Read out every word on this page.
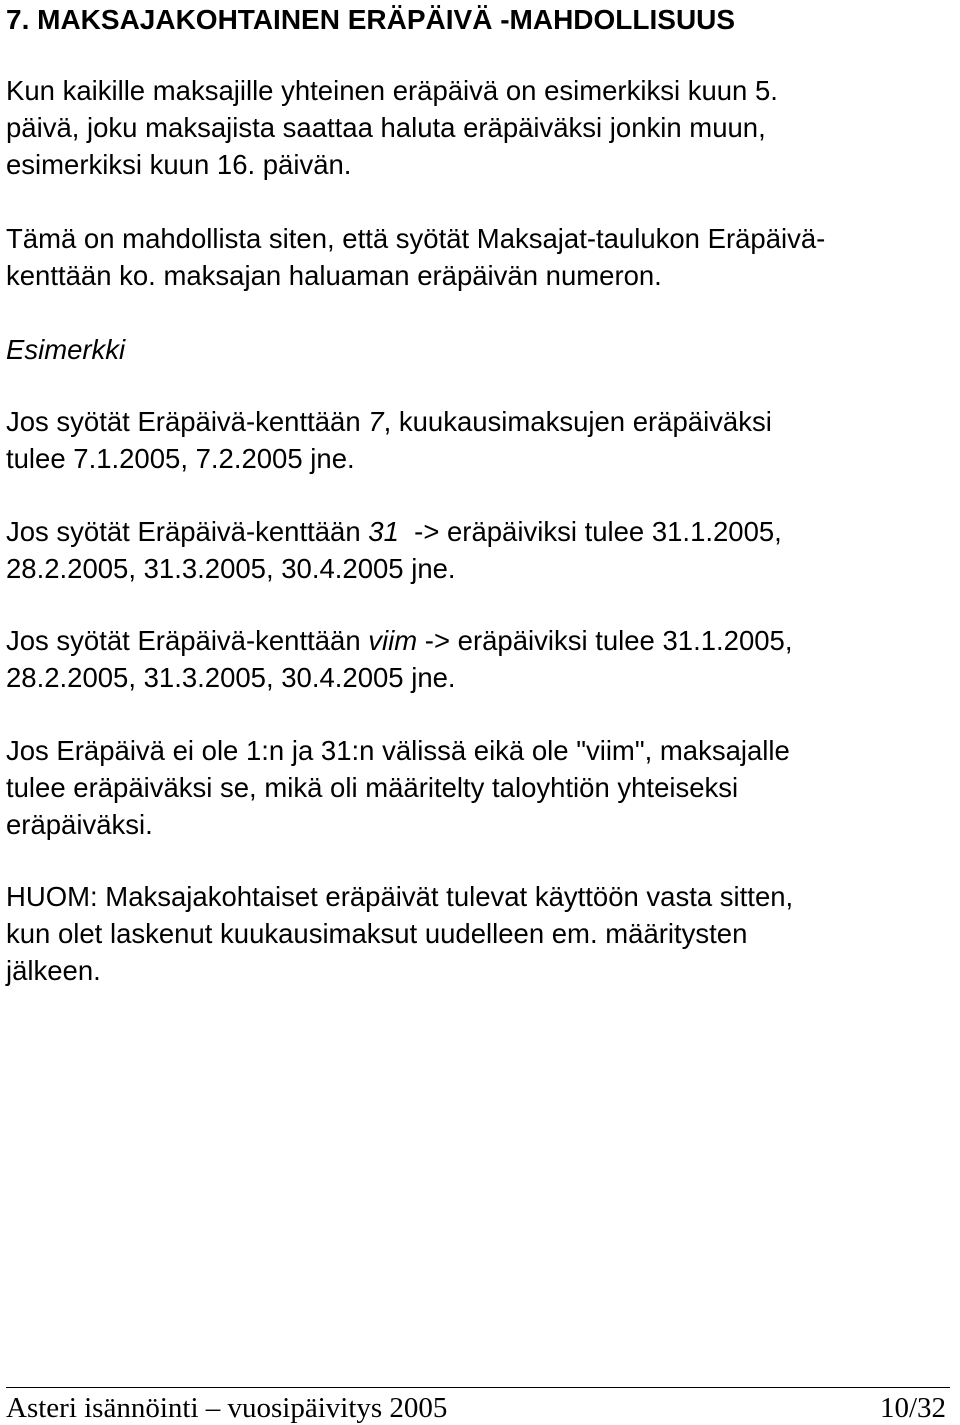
7. MAKSAJAKOHTAINEN ERÄPÄIVÄ -MAHDOLLISUUS

Kun kaikille maksajille yhteinen eräpäivä on esimerkiksi kuun 5.
päivä, joku maksajista saattaa haluta eräpäiväksi jonkin muun,
esimerkiksi kuun 16. päivän.

Tämä on mahdollista siten, että syötät Maksajat-taulukon Eräpäivä-
kenttään ko. maksajan haluaman eräpäivän numeron.

Esimerkki

Jos syötät Eräpäivä-kenttään 7, kuukausimaksujen eräpäiväksi
tulee 7.1.2005, 7.2.2005 jne.

Jos syötät Eräpäivä-kenttään 31  -> eräpäiviksi tulee 31.1.2005,
28.2.2005, 31.3.2005, 30.4.2005 jne.

Jos syötät Eräpäivä-kenttään viim -> eräpäiviksi tulee 31.1.2005,
28.2.2005, 31.3.2005, 30.4.2005 jne.

Jos Eräpäivä ei ole 1:n ja 31:n välissä eikä ole "viim", maksajalle
tulee eräpäiväksi se, mikä oli määritelty taloyhtiön yhteiseksi
eräpäiväksi.

HUOM: Maksajakohtaiset eräpäivät tulevat käyttöön vasta sitten,
kun olet laskenut kuukausimaksut uudelleen em. määritysten
jälkeen.

Asteri isännöinti – vuosipäivitys 2005	10/32
